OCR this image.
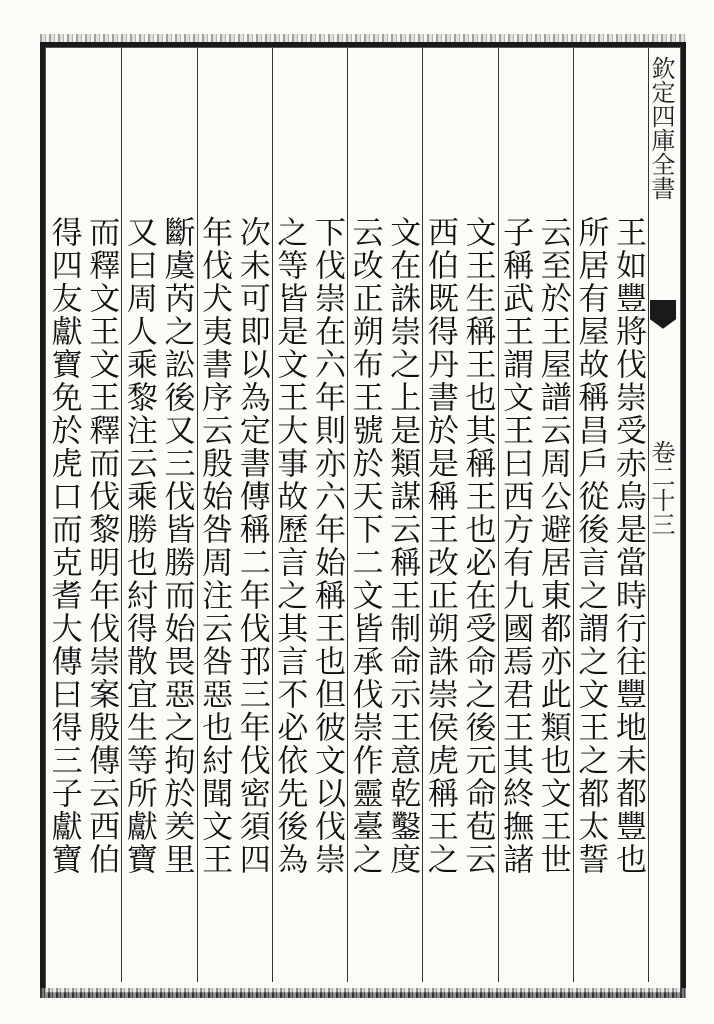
王如豐將伐崇受赤烏是當時行往豐地未都豐也
所居有屋故稱昌戶從後言之謂之文王之都太誓
云至於王屋譜云周公避居東都亦此類也文王世
子稱武王謂文王曰西方有九國焉君王其終撫諸
文王生稱王也其稱王也必在受命之後元命苞云
西伯既得丹書於是稱王改正朔誅崇侯虎稱王之
文在誅崇之上是類謀云稱王制命示王意乾鑿度
云改正朔布王號於天下二文皆承伐崇作靈臺之
下伐崇在六年則亦六年始稱王也但彼文以伐崇
之等皆是文王大事故歷言之其言不必依先後為
次未可即以為定書傳稱二年伐邘三年伐密須四
年伐犬夷書序云殷始咎周注云咎惡也紂聞文王
斷虞芮之訟後又三伐皆勝而始畏惡之拘於羑里
又曰周人乘黎注云乘勝也紂得散宜生等所獻寶
而釋文王文王釋而伐黎明年伐崇案殷傳云西伯
得四友獻寶免於虎口而克耆大傳曰得三子獻寶
欽定四庫全書
卷二十三
